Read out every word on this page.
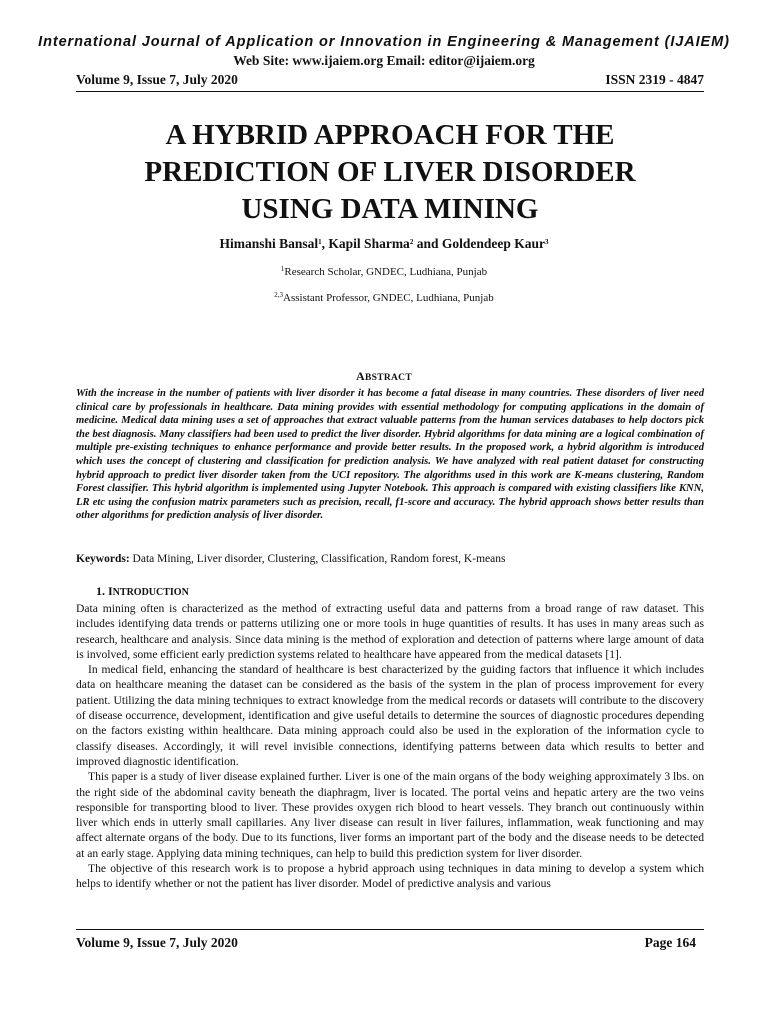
International Journal of Application or Innovation in Engineering & Management (IJAIEM)
Web Site: www.ijaiem.org Email: editor@ijaiem.org
Volume 9, Issue 7, July 2020	ISSN 2319 - 4847
A HYBRID APPROACH FOR THE
PREDICTION OF LIVER DISORDER
USING DATA MINING
Himanshi Bansal$^1$, Kapil Sharma$^2$ and Goldendeep Kaur$^3$
$^1$Research Scholar, GNDEC, Ludhiana, Punjab
$^{2,3}$Assistant Professor, GNDEC, Ludhiana, Punjab
ABSTRACT

With the increase in the number of patients with liver disorder it has become a fatal disease in many countries. These disorders of liver need clinical care by professionals in healthcare. Data mining provides with essential methodology for computing applications in the domain of medicine. Medical data mining uses a set of approaches that extract valuable patterns from the human services databases to help doctors pick the best diagnosis. Many classifiers had been used to predict the liver disorder. Hybrid algorithms for data mining are a logical combination of multiple pre-existing techniques to enhance performance and provide better results. In the proposed work, a hybrid algorithm is introduced which uses the concept of clustering and classification for prediction analysis. We have analyzed with real patient dataset for constructing hybrid approach to predict liver disorder taken from the UCI repository. The algorithms used in this work are K-means clustering, Random Forest classifier. This hybrid algorithm is implemented using Jupyter Notebook. This approach is compared with existing classifiers like KNN, LR etc using the confusion matrix parameters such as precision, recall, f1-score and accuracy. The hybrid approach shows better results than other algorithms for prediction analysis of liver disorder.

Keywords: Data Mining, Liver disorder, Clustering, Classification, Random forest, K-means

1. INTRODUCTION

Data mining often is characterized as the method of extracting useful data and patterns from a broad range of raw dataset. This includes identifying data trends or patterns utilizing one or more tools in huge quantities of results. It has uses in many areas such as research, healthcare and analysis. Since data mining is the method of exploration and detection of patterns where large amount of data is involved, some efficient early prediction systems related to healthcare have appeared from the medical datasets [1].

In medical field, enhancing the standard of healthcare is best characterized by the guiding factors that influence it which includes data on healthcare meaning the dataset can be considered as the basis of the system in the plan of process improvement for every patient. Utilizing the data mining techniques to extract knowledge from the medical records or datasets will contribute to the discovery of disease occurrence, development, identification and give useful details to determine the sources of diagnostic procedures depending on the factors existing within healthcare. Data mining approach could also be used in the exploration of the information cycle to classify diseases. Accordingly, it will revel invisible connections, identifying patterns between data which results to better and improved diagnostic identification.

This paper is a study of liver disease explained further. Liver is one of the main organs of the body weighing approximately 3 lbs. on the right side of the abdominal cavity beneath the diaphragm, liver is located. The portal veins and hepatic artery are the two veins responsible for transporting blood to liver. These provides oxygen rich blood to heart vessels. They branch out continuously within liver which ends in utterly small capillaries. Any liver disease can result in liver failures, inflammation, weak functioning and may affect alternate organs of the body. Due to its functions, liver forms an important part of the body and the disease needs to be detected at an early stage. Applying data mining techniques, can help to build this prediction system for liver disorder.

The objective of this research work is to propose a hybrid approach using techniques in data mining to develop a system which helps to identify whether or not the patient has liver disorder. Model of predictive analysis and various

Volume 9, Issue 7, July 2020	Page 164
